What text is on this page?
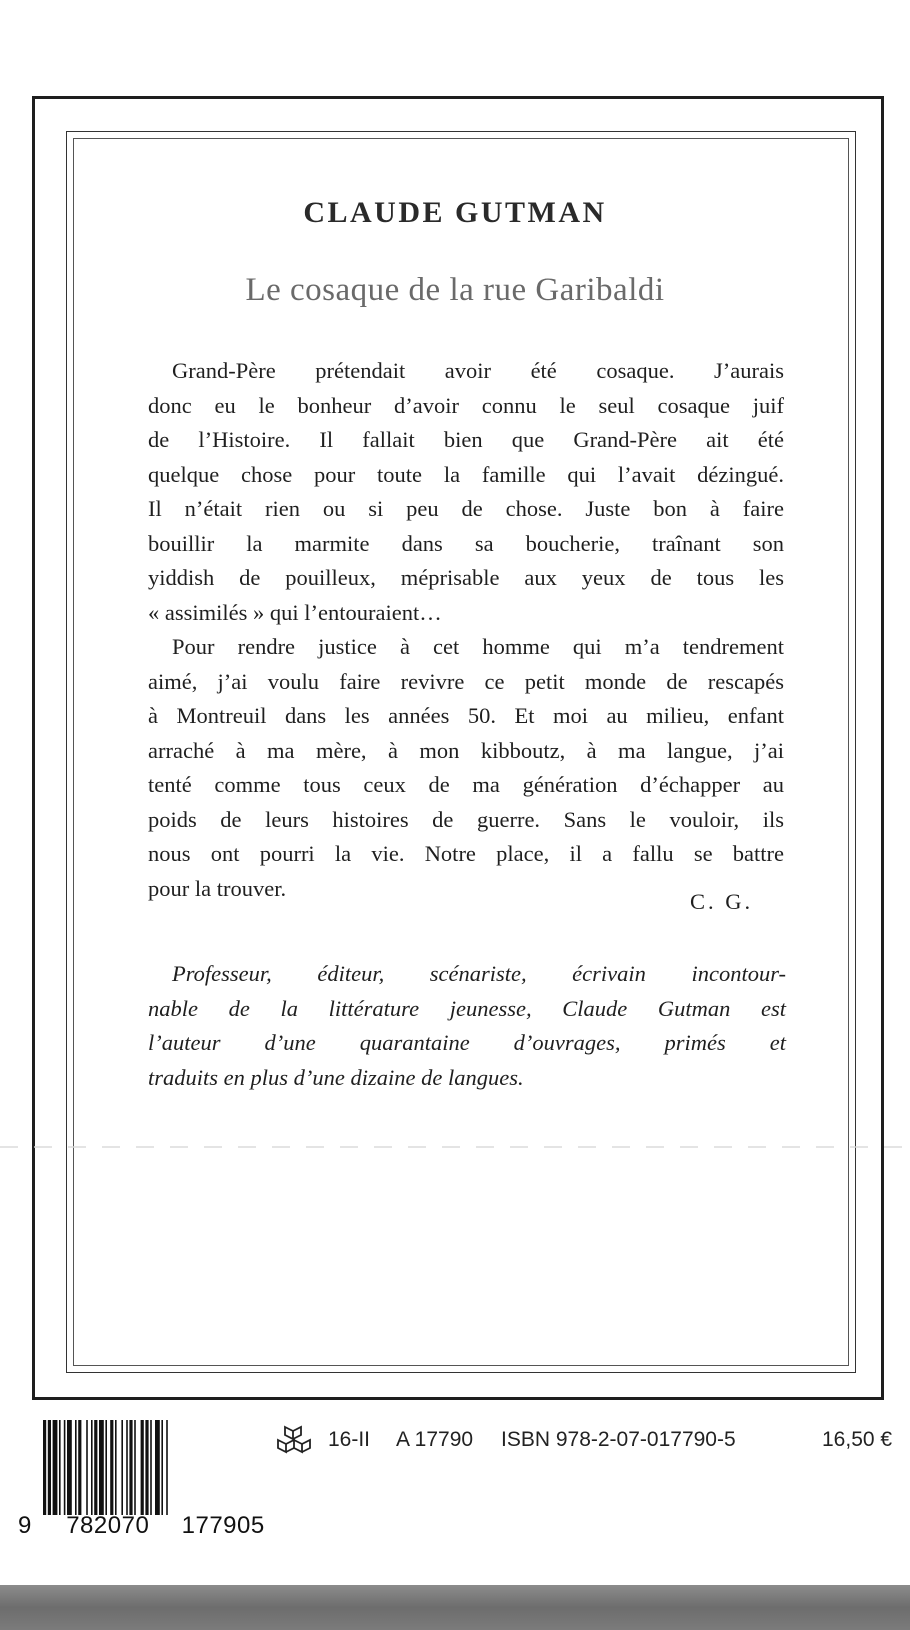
CLAUDE GUTMAN
Le cosaque de la rue Garibaldi
Grand-Père prétendait avoir été cosaque. J’aurais
donc eu le bonheur d’avoir connu le seul cosaque juif
de l’Histoire. Il fallait bien que Grand-Père ait été
quelque chose pour toute la famille qui l’avait dézingué.
Il n’était rien ou si peu de chose. Juste bon à faire
bouillir la marmite dans sa boucherie, traînant son
yiddish de pouilleux, méprisable aux yeux de tous les
« assimilés » qui l’entouraient…
Pour rendre justice à cet homme qui m’a tendrement
aimé, j’ai voulu faire revivre ce petit monde de rescapés
à Montreuil dans les années 50. Et moi au milieu, enfant
arraché à ma mère, à mon kibboutz, à ma langue, j’ai
tenté comme tous ceux de ma génération d’échapper au
poids de leurs histoires de guerre. Sans le vouloir, ils
nous ont pourri la vie. Notre place, il a fallu se battre
pour la trouver.
C. G.
Professeur, éditeur, scénariste, écrivain incontour-
nable de la littérature jeunesse, Claude Gutman est
l’auteur d’une quarantaine d’ouvrages, primés et
traduits en plus d’une dizaine de langues.
9 782070 177905
16-II A 17790 ISBN 978-2-07-017790-5	16,50 €
